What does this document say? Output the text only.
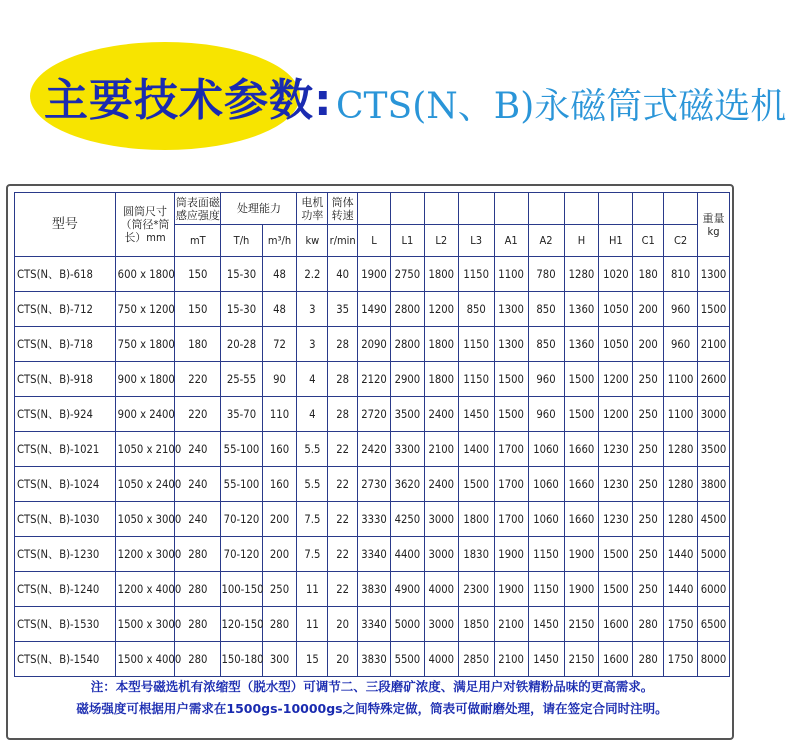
主要技术参数: CTS(N、B)永磁筒式磁选机
型号	圆筒尺寸（筒径*筒长）mm	筒表面磁感应强度	处理能力		电机功率	筒体转速											重量
kg
		mT	T/h	m³/h	kw	r/min	L	L1	L2	L3	A1	A2	H	H1	C1	C2	
CTS(N、B)-618	600 x 1800	150	15-30	48	2.2	40	1900	2750	1800	1150	1100	780	1280	1020	180	810	1300
CTS(N、B)-712	750 x 1200	150	15-30	48	3	35	1490	2800	1200	850	1300	850	1360	1050	200	960	1500
CTS(N、B)-718	750 x 1800	180	20-28	72	3	28	2090	2800	1800	1150	1300	850	1360	1050	200	960	2100
CTS(N、B)-918	900 x 1800	220	25-55	90	4	28	2120	2900	1800	1150	1500	960	1500	1200	250	1100	2600
CTS(N、B)-924	900 x 2400	220	35-70	110	4	28	2720	3500	2400	1450	1500	960	1500	1200	250	1100	3000
CTS(N、B)-1021	1050 x 2100	240	55-100	160	5.5	22	2420	3300	2100	1400	1700	1060	1660	1230	250	1280	3500
CTS(N、B)-1024	1050 x 2400	240	55-100	160	5.5	22	2730	3620	2400	1500	1700	1060	1660	1230	250	1280	3800
CTS(N、B)-1030	1050 x 3000	240	70-120	200	7.5	22	3330	4250	3000	1800	1700	1060	1660	1230	250	1280	4500
CTS(N、B)-1230	1200 x 3000	280	70-120	200	7.5	22	3340	4400	3000	1830	1900	1150	1900	1500	250	1440	5000
CTS(N、B)-1240	1200 x 4000	280	100-150	250	11	22	3830	4900	4000	2300	1900	1150	1900	1500	250	1440	6000
CTS(N、B)-1530	1500 x 3000	280	120-150	280	11	20	3340	5000	3000	1850	2100	1450	2150	1600	280	1750	6500
CTS(N、B)-1540	1500 x 4000	280	150-180	300	15	20	3830	5500	4000	2850	2100	1450	2150	1600	280	1750	8000
注：本型号磁选机有浓缩型（脱水型）可调节二、三段磨矿浓度、满足用户对铁精粉品味的更高需求。
磁场强度可根据用户需求在1500gs-10000gs之间特殊定做，筒表可做耐磨处理，请在签定合同时注明。
